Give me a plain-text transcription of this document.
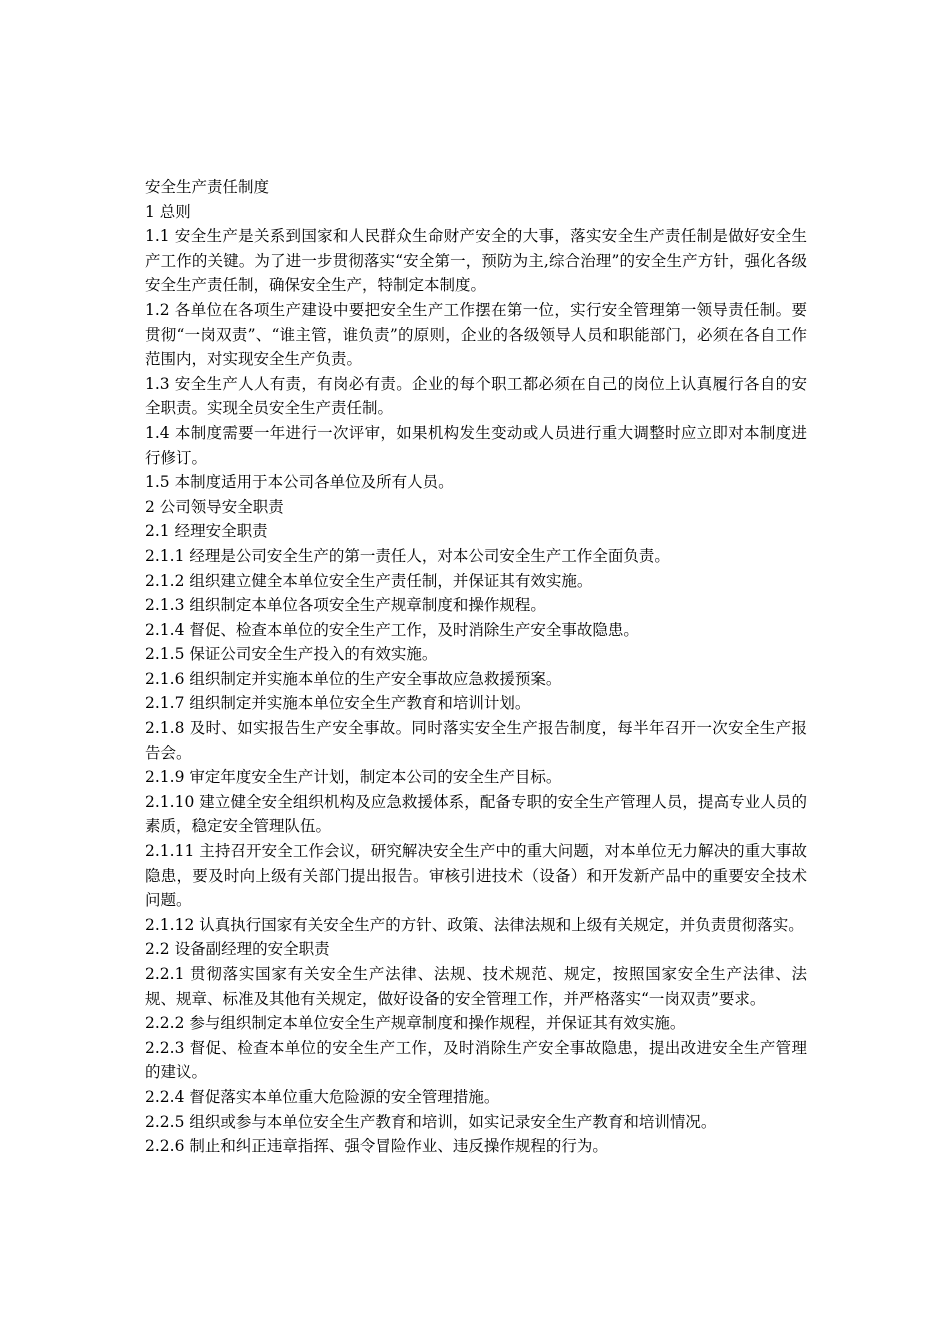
安全生产责任制度

1 总则

1.1 安全生产是关系到国家和人民群众生命财产安全的大事，落实安全生产责任制是做好安全生产工作的关键。为了进一步贯彻落实“安全第一，预防为主,综合治理”的安全生产方针，强化各级安全生产责任制，确保安全生产，特制定本制度。

1.2 各单位在各项生产建设中要把安全生产工作摆在第一位，实行安全管理第一领导责任制。要贯彻“一岗双责”、“谁主管，谁负责”的原则，企业的各级领导人员和职能部门，必须在各自工作范围内，对实现安全生产负责。

1.3 安全生产人人有责，有岗必有责。企业的每个职工都必须在自己的岗位上认真履行各自的安全职责。实现全员安全生产责任制。

1.4 本制度需要一年进行一次评审，如果机构发生变动或人员进行重大调整时应立即对本制度进行修订。

1.5 本制度适用于本公司各单位及所有人员。

2 公司领导安全职责

2.1 经理安全职责

2.1.1 经理是公司安全生产的第一责任人，对本公司安全生产工作全面负责。

2.1.2 组织建立健全本单位安全生产责任制，并保证其有效实施。

2.1.3 组织制定本单位各项安全生产规章制度和操作规程。

2.1.4 督促、检查本单位的安全生产工作，及时消除生产安全事故隐患。

2.1.5 保证公司安全生产投入的有效实施。

2.1.6 组织制定并实施本单位的生产安全事故应急救援预案。

2.1.7 组织制定并实施本单位安全生产教育和培训计划。

2.1.8 及时、如实报告生产安全事故。同时落实安全生产报告制度，每半年召开一次安全生产报告会。

2.1.9 审定年度安全生产计划，制定本公司的安全生产目标。

2.1.10 建立健全安全组织机构及应急救援体系，配备专职的安全生产管理人员，提高专业人员的素质，稳定安全管理队伍。

2.1.11 主持召开安全工作会议，研究解决安全生产中的重大问题，对本单位无力解决的重大事故隐患，要及时向上级有关部门提出报告。审核引进技术（设备）和开发新产品中的重要安全技术问题。

2.1.12 认真执行国家有关安全生产的方针、政策、法律法规和上级有关规定，并负责贯彻落实。

2.2 设备副经理的安全职责

2.2.1 贯彻落实国家有关安全生产法律、法规、技术规范、规定，按照国家安全生产法律、法规、规章、标准及其他有关规定，做好设备的安全管理工作，并严格落实“一岗双责”要求。

2.2.2 参与组织制定本单位安全生产规章制度和操作规程，并保证其有效实施。

2.2.3 督促、检查本单位的安全生产工作，及时消除生产安全事故隐患，提出改进安全生产管理的建议。

2.2.4 督促落实本单位重大危险源的安全管理措施。

2.2.5 组织或参与本单位安全生产教育和培训，如实记录安全生产教育和培训情况。

2.2.6 制止和纠正违章指挥、强令冒险作业、违反操作规程的行为。
